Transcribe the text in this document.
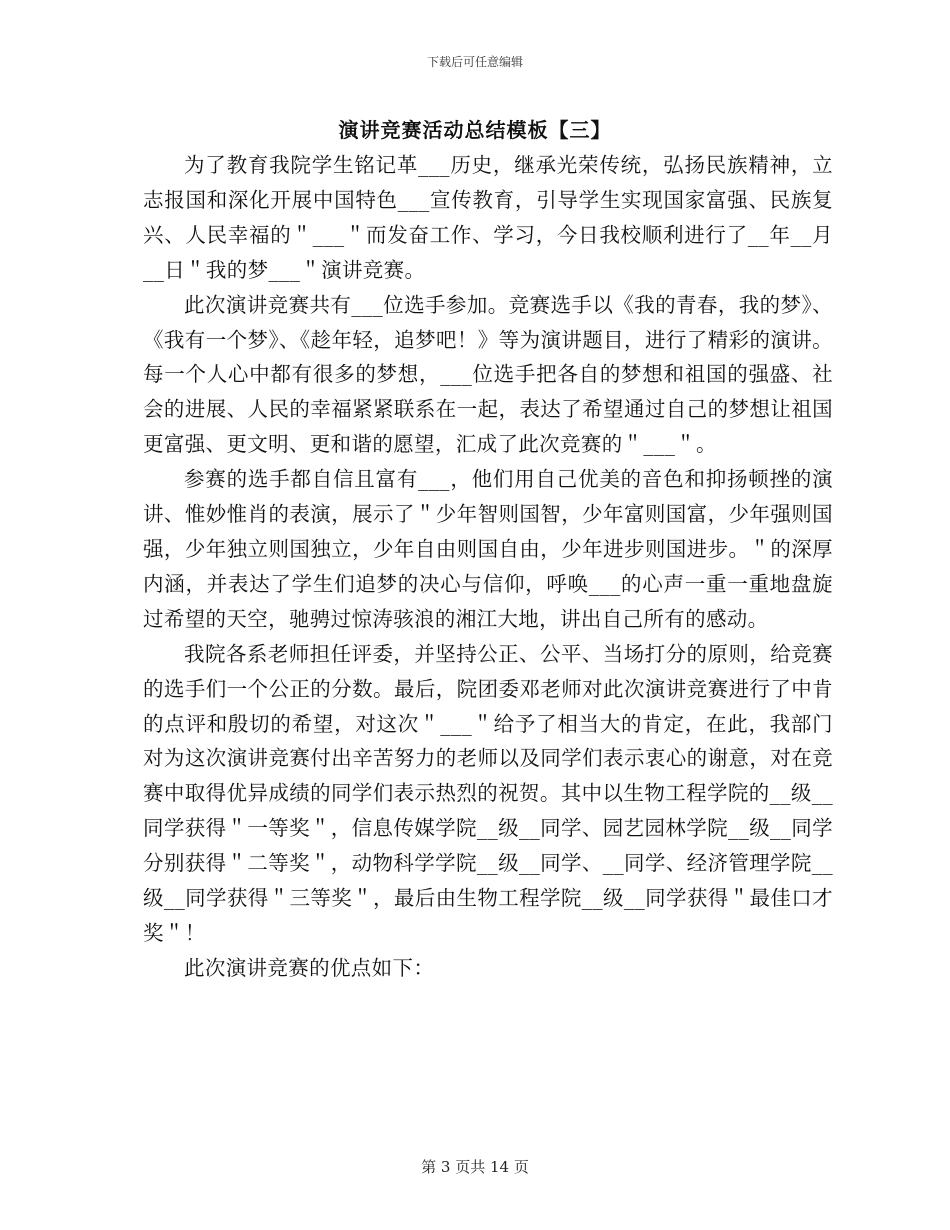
下载后可任意编辑
演讲竞赛活动总结模板【三】

为了教育我院学生铭记革___历史，继承光荣传统，弘扬民族精神，立志报国和深化开展中国特色___宣传教育，引导学生实现国家富强、民族复兴、人民幸福的＂___＂而发奋工作、学习，今日我校顺利进行了__年__月__日＂我的梦___＂演讲竞赛。

此次演讲竞赛共有___位选手参加。竞赛选手以《我的青春，我的梦》、《我有一个梦》、《趁年轻，追梦吧！》等为演讲题目，进行了精彩的演讲。每一个人心中都有很多的梦想，___位选手把各自的梦想和祖国的强盛、社会的进展、人民的幸福紧紧联系在一起，表达了希望通过自己的梦想让祖国更富强、更文明、更和谐的愿望，汇成了此次竞赛的＂___＂。

参赛的选手都自信且富有___，他们用自己优美的音色和抑扬顿挫的演讲、惟妙惟肖的表演，展示了＂少年智则国智，少年富则国富，少年强则国强，少年独立则国独立，少年自由则国自由，少年进步则国进步。＂的深厚内涵，并表达了学生们追梦的决心与信仰，呼唤___的心声一重一重地盘旋过希望的天空，驰骋过惊涛骇浪的湘江大地，讲出自己所有的感动。

我院各系老师担任评委，并坚持公正、公平、当场打分的原则，给竞赛的选手们一个公正的分数。最后，院团委邓老师对此次演讲竞赛进行了中肯的点评和殷切的希望，对这次＂___＂给予了相当大的肯定，在此，我部门对为这次演讲竞赛付出辛苦努力的老师以及同学们表示衷心的谢意，对在竞赛中取得优异成绩的同学们表示热烈的祝贺。其中以生物工程学院的__级__同学获得＂一等奖＂，信息传媒学院__级__同学、园艺园林学院__级__同学分别获得＂二等奖＂，动物科学学院__级__同学、__同学、经济管理学院__级__同学获得＂三等奖＂，最后由生物工程学院__级__同学获得＂最佳口才奖＂！

此次演讲竞赛的优点如下：

第 3 页共 14 页
